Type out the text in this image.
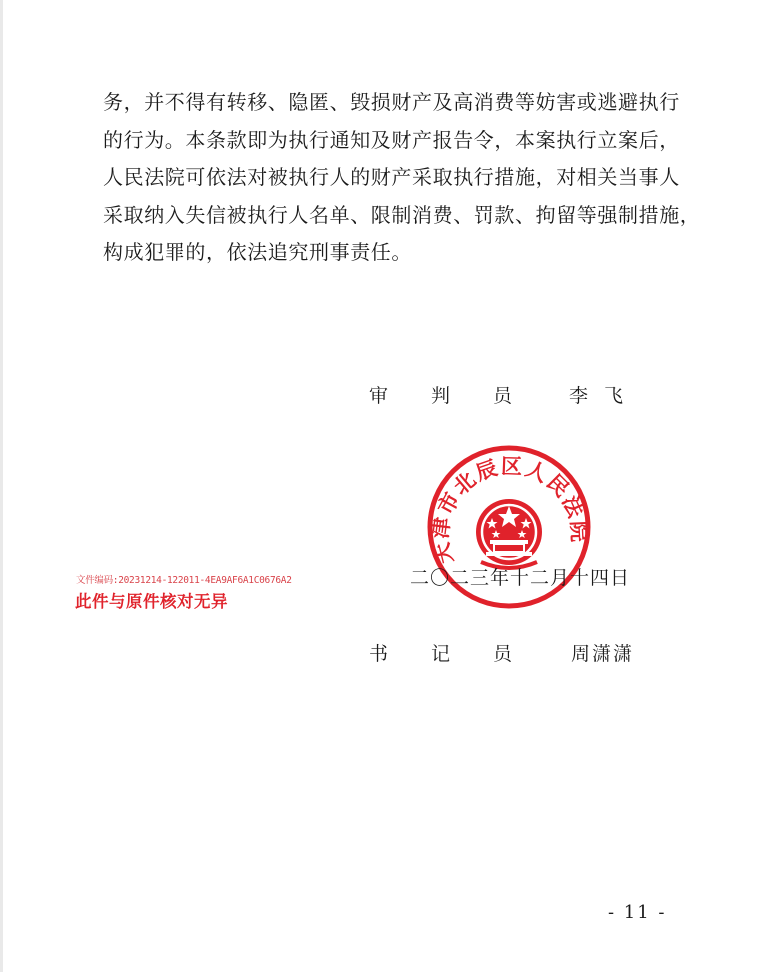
务，并不得有转移、隐匿、毁损财产及高消费等妨害或逃避执行
的行为。本条款即为执行通知及财产报告令，本案执行立案后，
人民法院可依法对被执行人的财产采取执行措施，对相关当事人
采取纳入失信被执行人名单、限制消费、罚款、拘留等强制措施，
构成犯罪的，依法追究刑事责任。

审 判 员

	李飞

天津市北辰区人民法院
二〇二三年十二月十四日
文件编码:20231214-122011-4EA9AF6A1C0676A2
此件与原件核对无异

书 记 员

	周潇潇

- 11 -
